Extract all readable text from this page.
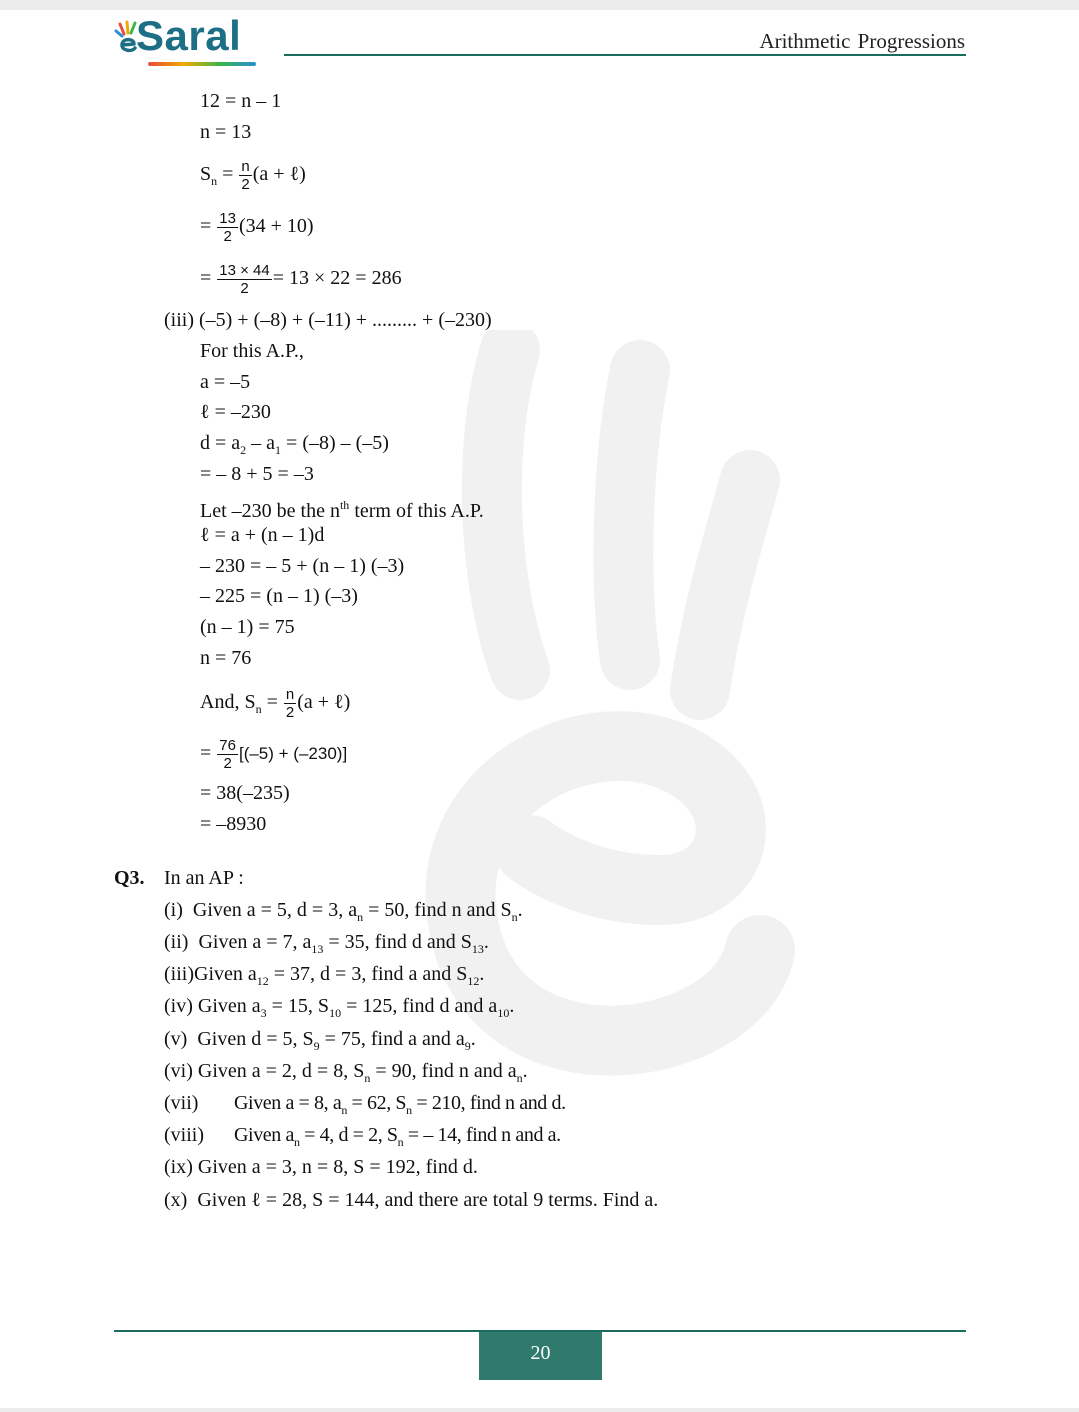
Saral	Arithmetic Progressions
12 = n – 1
n = 13
$S_n = \frac{n}{2} (a$ + ℓ)
= $\frac{13}{2} (34 + 10)$
= $\frac{13 \times 44}{2} = 13 \times 22 = 286$
(iii) (–5) + (–8) + (–11) + ......... + (–230)
For this A.P.,
a = –5
ℓ = –230
$d = a_2 - a_1 = (-8) - (-5)$
= – 8 + 5 = –3
Let –230 be the $n^{th}$ term of this A.P.
ℓ = a + (n – 1)d
– 230 = – 5 + (n – 1) (–3)
– 225 = (n – 1) (–3)
(n – 1) = 75
n = 76
And, $S_n = \frac{n}{2} (a$ + ℓ)
= $\frac{76}{2} [(-5) + (-230)]$
= 38(–235)
= –8930
Q3. In an AP :
(i) Given a = 5, d = 3, $a_n = 50$, find n and $S_n$.
(ii) Given a = 7, $a_{13} = 35$, find d and $S_{13}$.
(iii)Given $a_{12} = 37$, d = 3, find a and $S_{12}$.
(iv) Given $a_3 = 15$, $S_{10} = 125$, find d and $a_{10}$.
(v) Given d = 5, $S_9 = 75$, find a and $a_9$.
(vi) Given a = 2, d = 8, $S_n = 90$, find n and $a_n$.
(vii) Given a = 8, $a_n = 62$, $S_n = 210$, find n and d.
(viii) Given $a_n = 4$, d = 2, $S_n$ = – 14, find n and a.
(ix) Given a = 3, n = 8, S = 192, find d.
(x) Given ℓ = 28, S = 144, and there are total 9 terms. Find a.
20
